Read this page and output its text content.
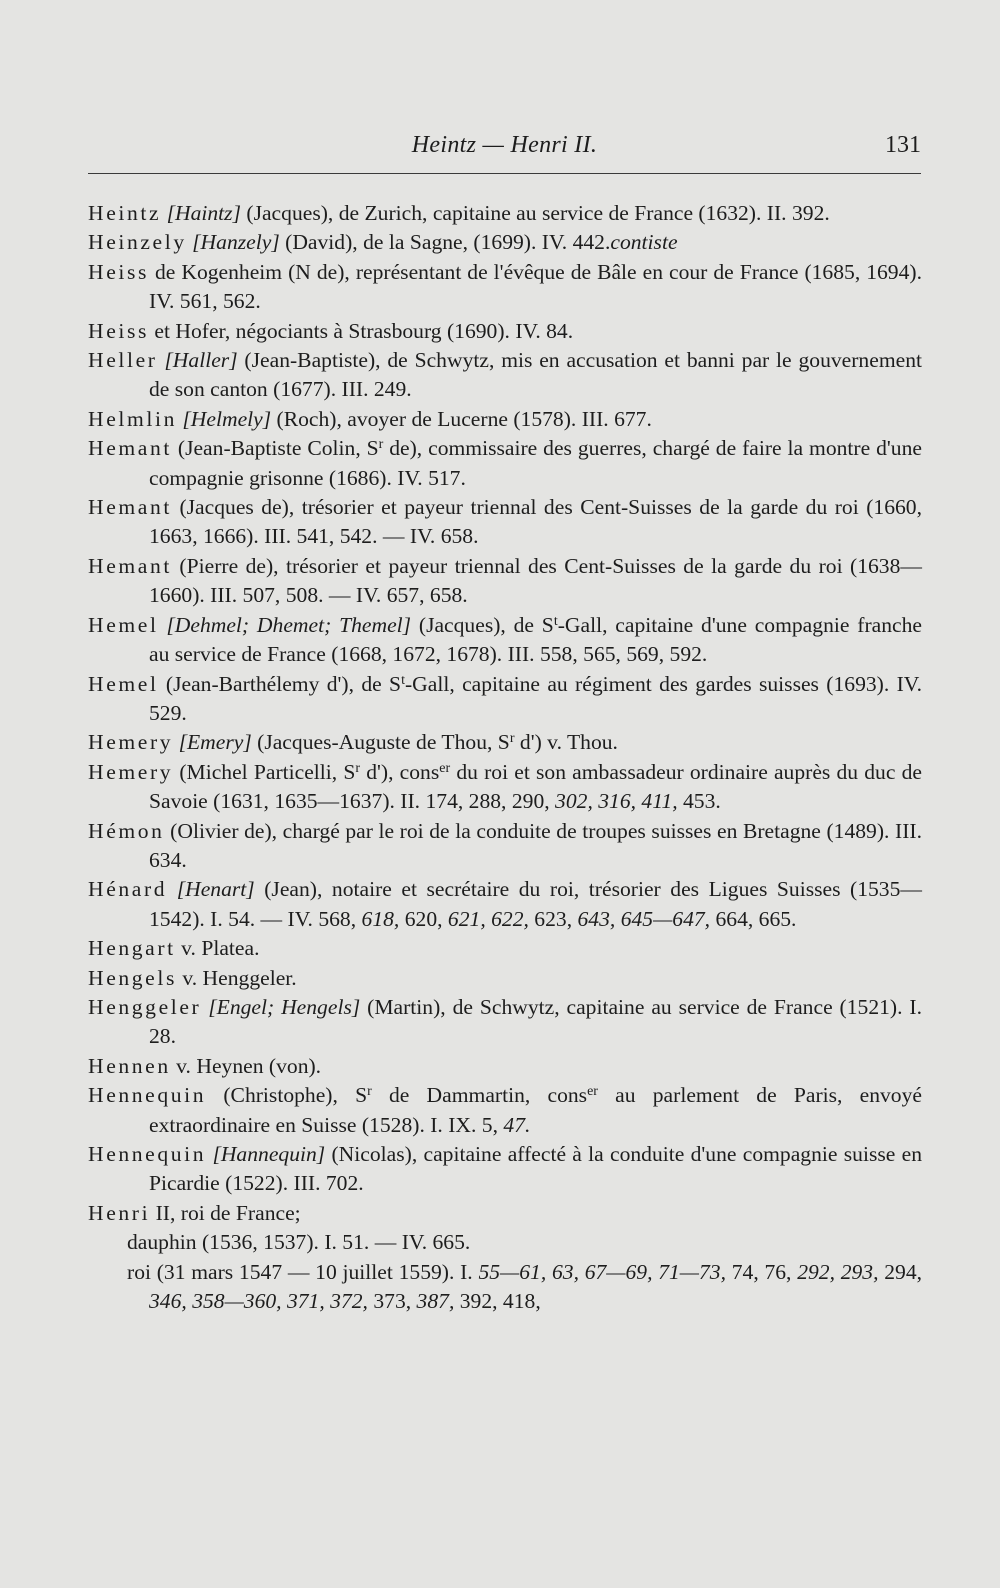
Heintz — Henri II.	131
Heintz [Haintz] (Jacques), de Zurich, capitaine au service de France (1632). II. 392.
Heinzely [Hanzely] (David), de la Sagne, (1699). IV. 442.contiste
Heiss de Kogenheim (N de), représentant de l'évêque de Bâle en cour de France (1685, 1694). IV. 561, 562.
Heiss et Hofer, négociants à Strasbourg (1690). IV. 84.
Heller [Haller] (Jean-Baptiste), de Schwytz, mis en accusation et banni par le gouvernement de son canton (1677). III. 249.
Helmlin [Helmely] (Roch), avoyer de Lucerne (1578). III. 677.
Hemant (Jean-Baptiste Colin, $S^r$ de), commissaire des guerres, chargé de faire la montre d'une compagnie grisonne (1686). IV. 517.
Hemant (Jacques de), trésorier et payeur triennal des Cent-Suisses de la garde du roi (1660, 1663, 1666). III. 541, 542. — IV. 658.
Hemant (Pierre de), trésorier et payeur triennal des Cent-Suisses de la garde du roi (1638—1660). III. 507, 508. — IV. 657, 658.
Hemel [Dehmel; Dhemet; Themel] (Jacques), de $S^t$-Gall, capitaine d'une compagnie franche au service de France (1668, 1672, 1678). III. 558, 565, 569, 592.
Hemel (Jean-Barthélemy d'), de $S^t$-Gall, capitaine au régiment des gardes suisses (1693). IV. 529.
Hemery [Emery] (Jacques-Auguste de Thou, $S^r$ d') v. Thou.
Hemery (Michel Particelli, $S^r$ d'), cons$^{er}$ du roi et son ambassadeur ordinaire auprès du duc de Savoie (1631, 1635—1637). II. 174, 288, 290, 302, 316, 411, 453.
Hémon (Olivier de), chargé par le roi de la conduite de troupes suisses en Bretagne (1489). III. 634.
Hénard [Henart] (Jean), notaire et secrétaire du roi, trésorier des Ligues Suisses (1535—1542). I. 54. — IV. 568, 618, 620, 621, 622, 623, 643, 645—647, 664, 665.
Hengart v. Platea.
Hengels v. Henggeler.
Henggeler [Engel; Hengels] (Martin), de Schwytz, capitaine au service de France (1521). I. 28.
Hennen v. Heynen (von).
Hennequin (Christophe), $S^r$ de Dammartin, cons$^{er}$ au parlement de Paris, envoyé extraordinaire en Suisse (1528). I. IX. 5, 47.
Hennequin [Hannequin] (Nicolas), capitaine affecté à la conduite d'une compagnie suisse en Picardie (1522). III. 702.
Henri II, roi de France;
dauphin (1536, 1537). I. 51. — IV. 665.
roi (31 mars 1547 — 10 juillet 1559). I. 55—61, 63, 67—69, 71—73, 74, 76, 292, 293, 294, 346, 358—360, 371, 372, 373, 387, 392, 418,
